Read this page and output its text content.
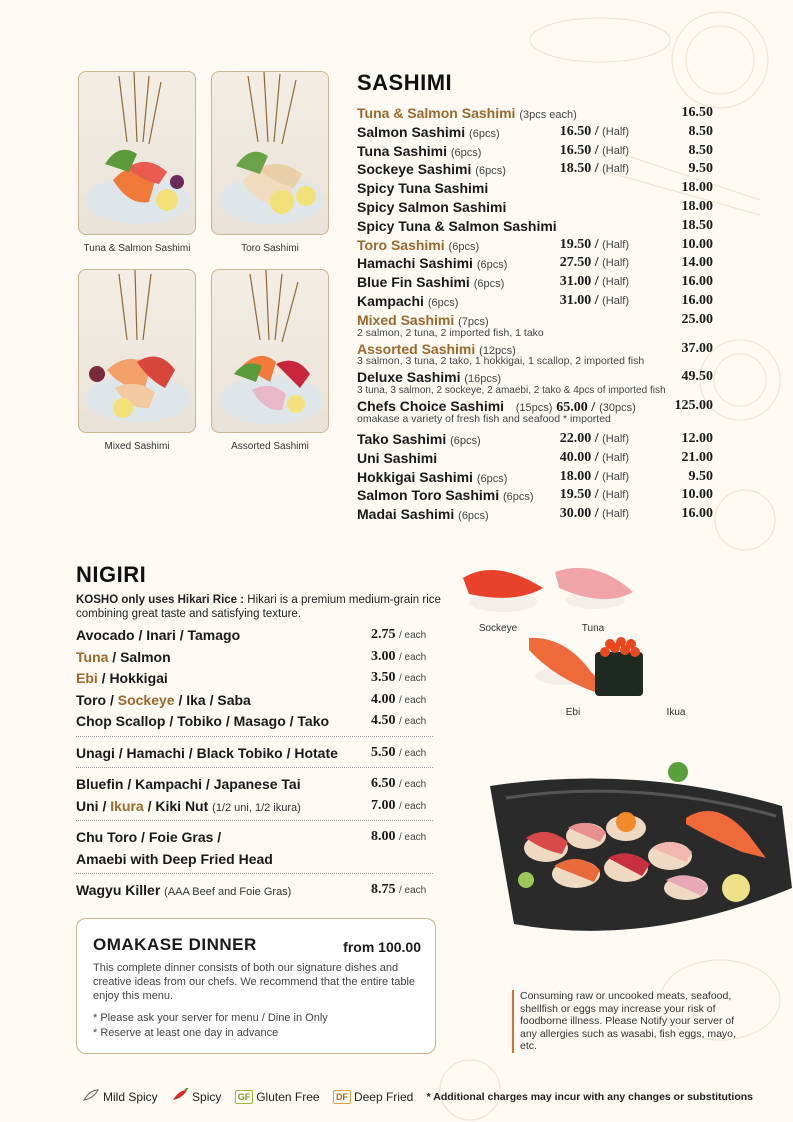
Tuna & Salmon Sashimi	Toro Sashimi
Mixed Sashimi	Assorted Sashimi
SASHIMI
Tuna & Salmon Sashimi (3pcs each)	16.50
Salmon Sashimi (6pcs)	16.50 / (Half)	8.50
Tuna Sashimi (6pcs)	16.50 / (Half)	8.50
Sockeye Sashimi (6pcs)	18.50 / (Half)	9.50
Spicy Tuna Sashimi	18.00
Spicy Salmon Sashimi	18.00
Spicy Tuna & Salmon Sashimi	18.50
Toro Sashimi (6pcs)	19.50 / (Half)	10.00
Hamachi Sashimi (6pcs)	27.50 / (Half)	14.00
Blue Fin Sashimi (6pcs)	31.00 / (Half)	16.00
Kampachi (6pcs)	31.00 / (Half)	16.00
Mixed Sashimi (7pcs)	25.00
2 salmon, 2 tuna, 2 imported fish, 1 tako
Assorted Sashimi (12pcs)	37.00
3 salmon, 3 tuna, 2 tako, 1 hokkigai, 1 scallop, 2 imported fish
Deluxe Sashimi (16pcs)	49.50
3 tuna, 3 salmon, 2 sockeye, 2 amaebi, 2 tako & 4pcs of imported fish
Chefs Choice Sashimi (15pcs) 65.00 / (30pcs)	125.00
omakase a variety of fresh fish and seafood * imported
Tako Sashimi (6pcs)	22.00 / (Half)	12.00
Uni Sashimi	40.00 / (Half)	21.00
Hokkigai Sashimi (6pcs)	18.00 / (Half)	9.50
Salmon Toro Sashimi (6pcs) 19.50 / (Half)	10.00
Madai Sashimi (6pcs)	30.00 / (Half)	16.00
NIGIRI
KOSHO only uses Hikari Rice : Hikari is a premium medium-grain rice combining great taste and satisfying texture.
Avocado / Inari / Tamago	2.75 / each
Tuna / Salmon	3.00 / each
Ebi / Hokkigai	3.50 / each
Toro / Sockeye / Ika / Saba	4.00 / each
Chop Scallop / Tobiko / Masago / Tako	4.50 / each
Unagi / Hamachi / Black Tobiko / Hotate 5.50 / each
Bluefin / Kampachi / Japanese Tai	6.50 / each
Uni / Ikura / Kiki Nut (1/2 uni, 1/2 ikura)	7.00 / each
Chu Toro / Foie Gras /	8.00 / each
Amaebi with Deep Fried Head
Wagyu Killer (AAA Beef and Foie Gras)	8.75 / each
Sockeye	Tuna
Ebi	Ikua
OMAKASE DINNER	from 100.00
This complete dinner consists of both our signature dishes and creative ideas from our chefs. We recommend that the entire table enjoy this menu.
* Please ask your server for menu / Dine in Only
* Reserve at least one day in advance
Consuming raw or uncooked meats, seafood, shellfish or eggs may increase your risk of foodborne illness. Please Notify your server of any allergies such as wasabi, fish eggs, mayo, etc.
Mild Spicy	Spicy GF Gluten Free DF Deep Fried * Additional charges may incur with any changes or substitutions
